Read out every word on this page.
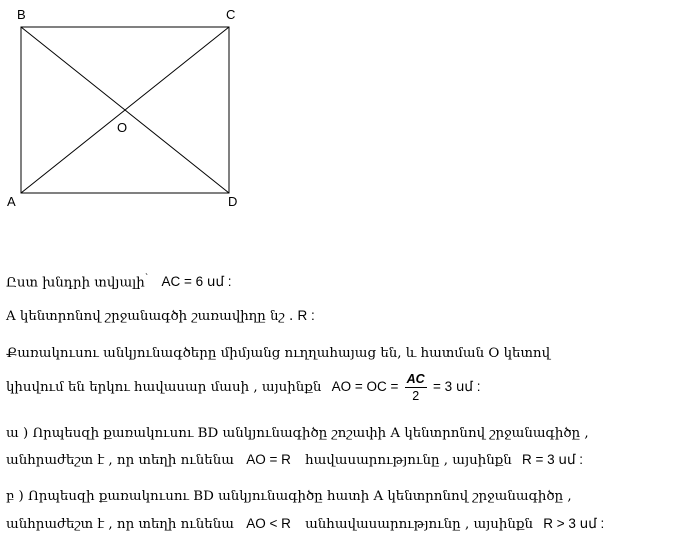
B	C
A	D
O
Ըստ խնդրի տվյալի` AC = 6 սմ :
A կենտրոնով շրջանագծի շառավիղը նշ . R :
Քառակուսու անկյունագծերը միմյանց ուղղահայաց են, և հատման O կետով
կիսվում են երկու հավասար մասի , այսինքն AO = OC = $\frac{AC}{2} = 3$ սմ :
ա ) Որպեսզի քառակուսու BD անկյունագիծը շոշափի A կենտրոնով շրջանագիծը ,
անհրաժեշտ է , որ տեղի ունենա AO = R հավասարությունը , այսինքն R = 3 սմ :
բ ) Որպեսզի քառակուսու BD անկյունագիծը հատի A կենտրոնով շրջանագիծը ,
անհրաժեշտ է , որ տեղի ունենա AO < R անհավասարությունը , այսինքն R > 3 սմ :
